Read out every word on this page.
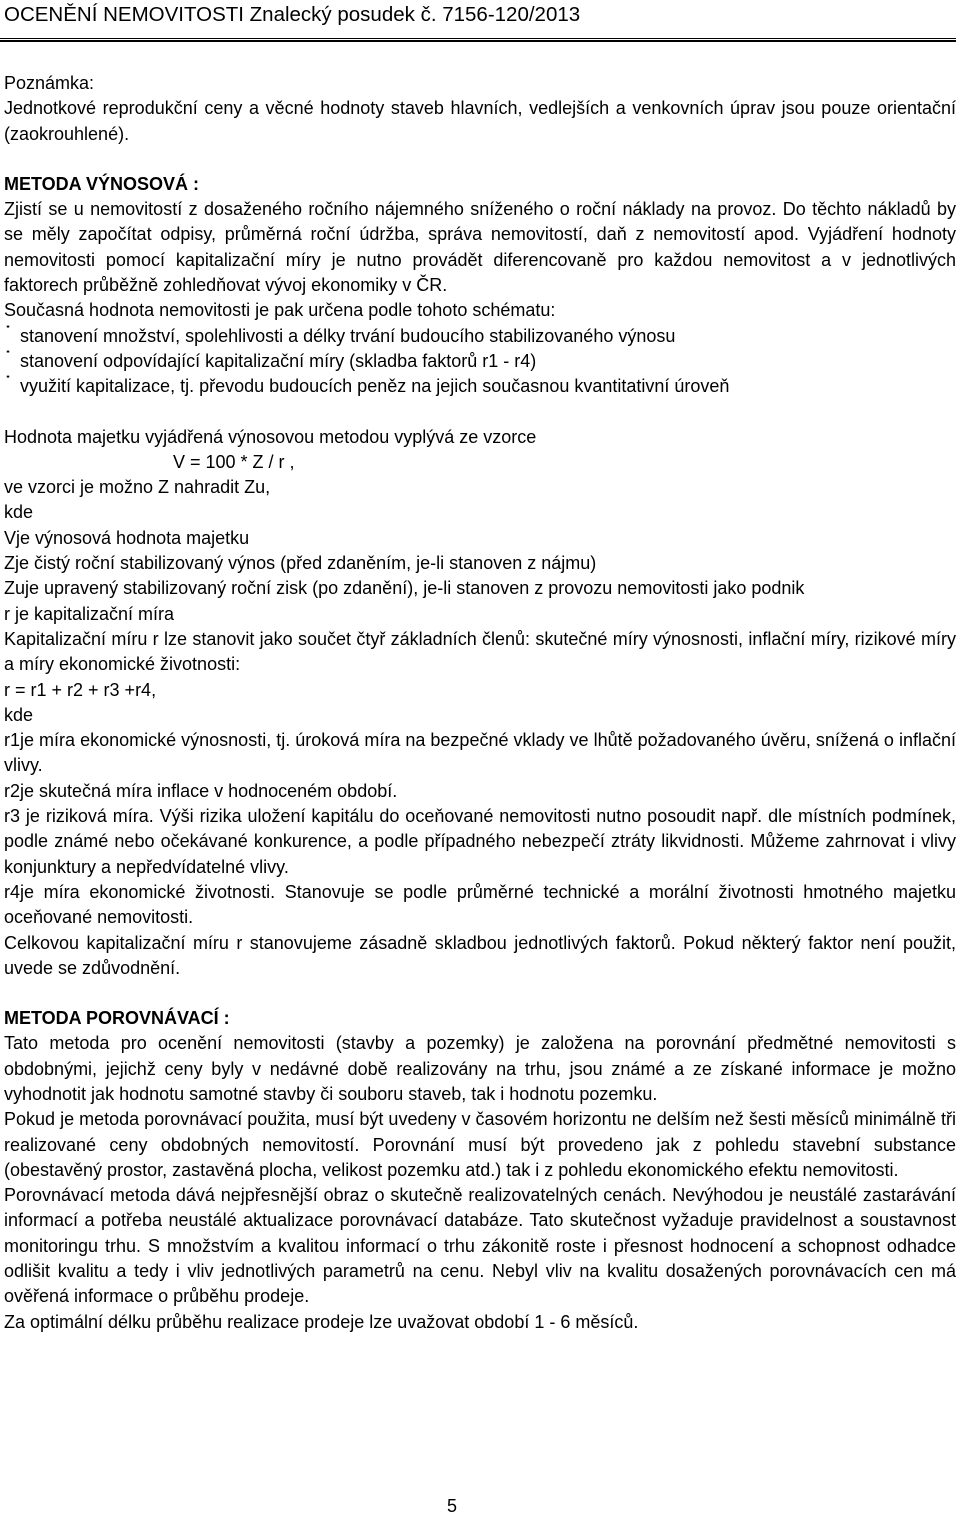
OCENĚNÍ NEMOVITOSTI Znalecký posudek č. 7156-120/2013

Poznámka:

Jednotkové reprodukční ceny a věcné hodnoty staveb hlavních, vedlejších a venkovních úprav jsou pouze orientační (zaokrouhlené).

METODA VÝNOSOVÁ :

Zjistí se u nemovitostí z dosaženého ročního nájemného sníženého o roční náklady na provoz. Do těchto nákladů by se měly započítat odpisy, průměrná roční údržba, správa nemovitostí, daň z nemovitostí apod. Vyjádření hodnoty nemovitosti pomocí kapitalizační míry je nutno provádět diferencovaně pro každou nemovitost a v jednotlivých faktorech průběžně zohledňovat vývoj ekonomiky v ČR.

Současná hodnota nemovitosti je pak určena podle tohoto schématu:

˙ stanovení množství, spolehlivosti a délky trvání budoucího stabilizovaného výnosu

˙ stanovení odpovídající kapitalizační míry (skladba faktorů r1 - r4)

˙ využití kapitalizace, tj. převodu budoucích peněz na jejich současnou kvantitativní úroveň

Hodnota majetku vyjádřená výnosovou metodou vyplývá ze vzorce

V = 100 * Z / r ,

ve vzorci je možno Z nahradit Zu,

kde

Vje výnosová hodnota majetku

Zje čistý roční stabilizovaný výnos (před zdaněním, je-li stanoven z nájmu)

Zuje upravený stabilizovaný roční zisk (po zdanění), je-li stanoven z provozu nemovitosti jako podnik

r je kapitalizační míra

Kapitalizační míru r lze stanovit jako součet čtyř základních členů: skutečné míry výnosnosti, inflační míry, rizikové míry a míry ekonomické životnosti:

r = r1 + r2 + r3 +r4,

kde

r1je míra ekonomické výnosnosti, tj. úroková míra na bezpečné vklady ve lhůtě požadovaného úvěru, snížená o inflační vlivy.

r2je skutečná míra inflace v hodnoceném období.

r3 je riziková míra. Výši rizika uložení kapitálu do oceňované nemovitosti nutno posoudit např. dle místních podmínek, podle známé nebo očekávané konkurence, a podle případného nebezpečí ztráty likvidnosti. Můžeme zahrnovat i vlivy konjunktury a nepředvídatelné vlivy.

r4je míra ekonomické životnosti. Stanovuje se podle průměrné technické a morální životnosti hmotného majetku oceňované nemovitosti.

Celkovou kapitalizační míru r stanovujeme zásadně skladbou jednotlivých faktorů. Pokud některý faktor není použit, uvede se zdůvodnění.

METODA POROVNÁVACÍ :

Tato metoda pro ocenění nemovitosti (stavby a pozemky) je založena na porovnání předmětné nemovitosti s obdobnými, jejichž ceny byly v nedávné době realizovány na trhu, jsou známé a ze získané informace je možno vyhodnotit jak hodnotu samotné stavby či souboru staveb, tak i hodnotu pozemku.

Pokud je metoda porovnávací použita, musí být uvedeny v časovém horizontu ne delším než šesti měsíců minimálně tři realizované ceny obdobných nemovitostí. Porovnání musí být provedeno jak z pohledu stavební substance (obestavěný prostor, zastavěná plocha, velikost pozemku atd.) tak i z pohledu ekonomického efektu nemovitosti.

Porovnávací metoda dává nejpřesnější obraz o skutečně realizovatelných cenách. Nevýhodou je neustálé zastarávání informací a potřeba neustálé aktualizace porovnávací databáze. Tato skutečnost vyžaduje pravidelnost a soustavnost monitoringu trhu. S množstvím a kvalitou informací o trhu zákonitě roste i přesnost hodnocení a schopnost odhadce odlišit kvalitu a tedy i vliv jednotlivých parametrů na cenu. Nebyl vliv na kvalitu dosažených porovnávacích cen má ověřená informace o průběhu prodeje.

Za optimální délku průběhu realizace prodeje lze uvažovat období 1 - 6 měsíců.

5
